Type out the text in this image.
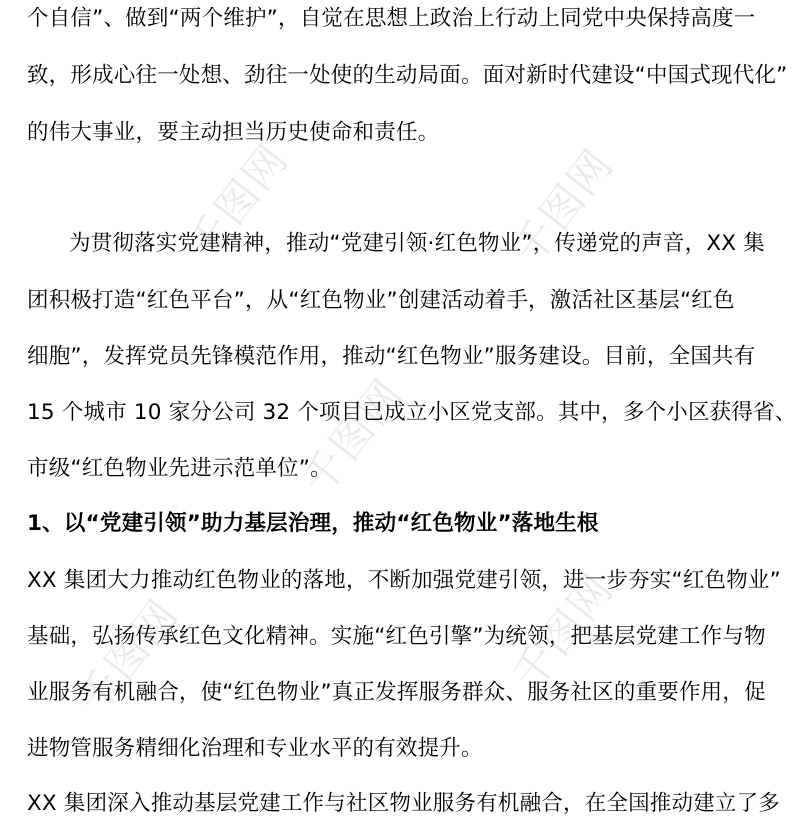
千图网	千图网
千图网
千图网	千图网
个自信”、做到“两个维护”，自觉在思想上政治上行动上同党中央保持高度一
致，形成心往一处想、劲往一处使的生动局面。面对新时代建设“中国式现代化”
的伟大事业，要主动担当历史使命和责任。
为贯彻落实党建精神，推动“党建引领·红色物业”，传递党的声音，XX 集
团积极打造“红色平台”，从“红色物业”创建活动着手，激活社区基层“红色
细胞”，发挥党员先锋模范作用，推动“红色物业”服务建设。目前，全国共有
15 个城市 10 家分公司 32 个项目已成立小区党支部。其中，多个小区获得省、
市级“红色物业先进示范单位”。
1、以“党建引领”助力基层治理，推动“红色物业”落地生根
XX 集团大力推动红色物业的落地，不断加强党建引领，进一步夯实“红色物业”
基础，弘扬传承红色文化精神。实施“红色引擎”为统领，把基层党建工作与物
业服务有机融合，使“红色物业”真正发挥服务群众、服务社区的重要作用，促
进物管服务精细化治理和专业水平的有效提升。
XX 集团深入推动基层党建工作与社区物业服务有机融合，在全国推动建立了多
